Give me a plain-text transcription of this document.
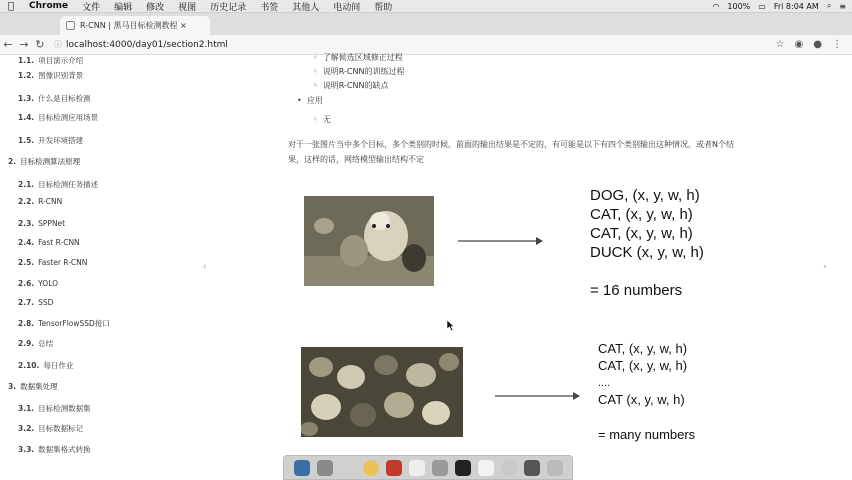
Chrome	文件	编辑	修改	视图	历史记录	书签	其他人	电动间	帮助	◠ 100% ▭ Fri 8:04 AM ⌕ ≡
R-CNN | 黑马目标检测教程 ×
← → ↻	ⓘ localhost:4000/day01/section2.html	☆ ◉ ● ⋮
1.1. 项目演示介绍
1.2. 图像识别背景
1.3. 什么是目标检测
1.4. 目标检测应用场景
1.5. 开发环境搭建
2. 目标检测算法原理
2.1. 目标检测任务描述
2.2. R-CNN
2.3. SPPNet
2.4. Fast R-CNN
2.5. Faster R-CNN
2.6. YOLO
2.7. SSD
2.8. TensorFlowSSD接口
2.9. 总结
2.10. 每日作业
3. 数据集处理
3.1. 目标检测数据集
3.2. 目标数据标记
3.3. 数据集格式转换
◦  了解候选区域修正过程
◦  说明R-CNN的训练过程
◦  说明R-CNN的缺点
•  应用
◦  无
对于一张图片当中多个目标，多个类别的时候。前面的输出结果是不定的，有可能是以下有四个类别输出这种情况。或者N个结果，这样的话，网络模型输出结构不定
DOG, (x, y, w, h)
CAT, (x, y, w, h)
CAT, (x, y, w, h)
DUCK (x, y, w, h)
= 16 numbers
CAT, (x, y, w, h)
CAT, (x, y, w, h)
....
CAT (x, y, w, h)
= many numbers
‹	›
